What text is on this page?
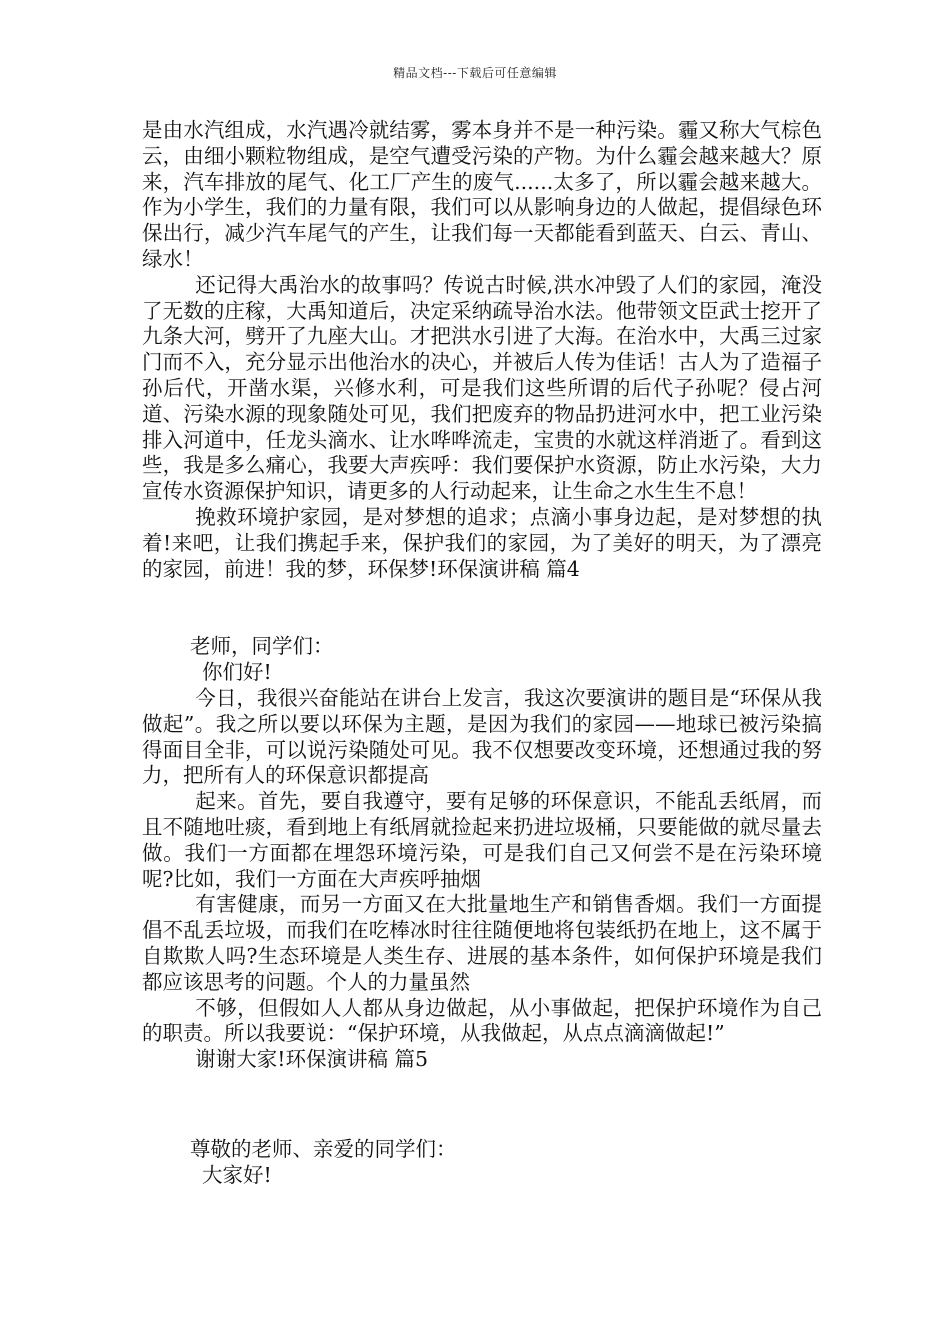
精品文档---下载后可任意编辑

是由水汽组成，水汽遇冷就结雾，雾本身并不是一种污染。霾又称大气棕色云，由细小颗粒物组成，是空气遭受污染的产物。为什么霾会越来越大？原来，汽车排放的尾气、化工厂产生的废气......太多了，所以霾会越来越大。作为小学生，我们的力量有限，我们可以从影响身边的人做起，提倡绿色环保出行，减少汽车尾气的产生，让我们每一天都能看到蓝天、白云、青山、绿水！

还记得大禹治水的故事吗？传说古时候,洪水冲毁了人们的家园，淹没了无数的庄稼，大禹知道后，决定采纳疏导治水法。他带领文臣武士挖开了九条大河，劈开了九座大山。才把洪水引进了大海。在治水中，大禹三过家门而不入，充分显示出他治水的决心，并被后人传为佳话！古人为了造福子孙后代，开凿水渠，兴修水利，可是我们这些所谓的后代子孙呢？侵占河道、污染水源的现象随处可见，我们把废弃的物品扔进河水中，把工业污染排入河道中，任龙头滴水、让水哗哗流走，宝贵的水就这样消逝了。看到这些，我是多么痛心，我要大声疾呼：我们要保护水资源，防止水污染，大力宣传水资源保护知识，请更多的人行动起来，让生命之水生生不息！

挽救环境护家园，是对梦想的追求；点滴小事身边起，是对梦想的执着!来吧，让我们携起手来，保护我们的家园，为了美好的明天，为了漂亮的家园，前进！我的梦，环保梦!环保演讲稿 篇4

老师，同学们：

你们好!

今日，我很兴奋能站在讲台上发言，我这次要演讲的题目是“环保从我做起”。我之所以要以环保为主题，是因为我们的家园——地球已被污染搞得面目全非，可以说污染随处可见。我不仅想要改变环境，还想通过我的努力，把所有人的环保意识都提高

起来。首先，要自我遵守，要有足够的环保意识，不能乱丢纸屑，而且不随地吐痰，看到地上有纸屑就捡起来扔进垃圾桶，只要能做的就尽量去做。我们一方面都在埋怨环境污染，可是我们自己又何尝不是在污染环境呢?比如，我们一方面在大声疾呼抽烟

有害健康，而另一方面又在大批量地生产和销售香烟。我们一方面提倡不乱丢垃圾，而我们在吃棒冰时往往随便地将包装纸扔在地上，这不属于自欺欺人吗?生态环境是人类生存、进展的基本条件，如何保护环境是我们都应该思考的问题。个人的力量虽然

不够，但假如人人都从身边做起，从小事做起，把保护环境作为自己的职责。所以我要说：“保护环境，从我做起，从点点滴滴做起!”

谢谢大家!环保演讲稿 篇5

尊敬的老师、亲爱的同学们：

大家好!
